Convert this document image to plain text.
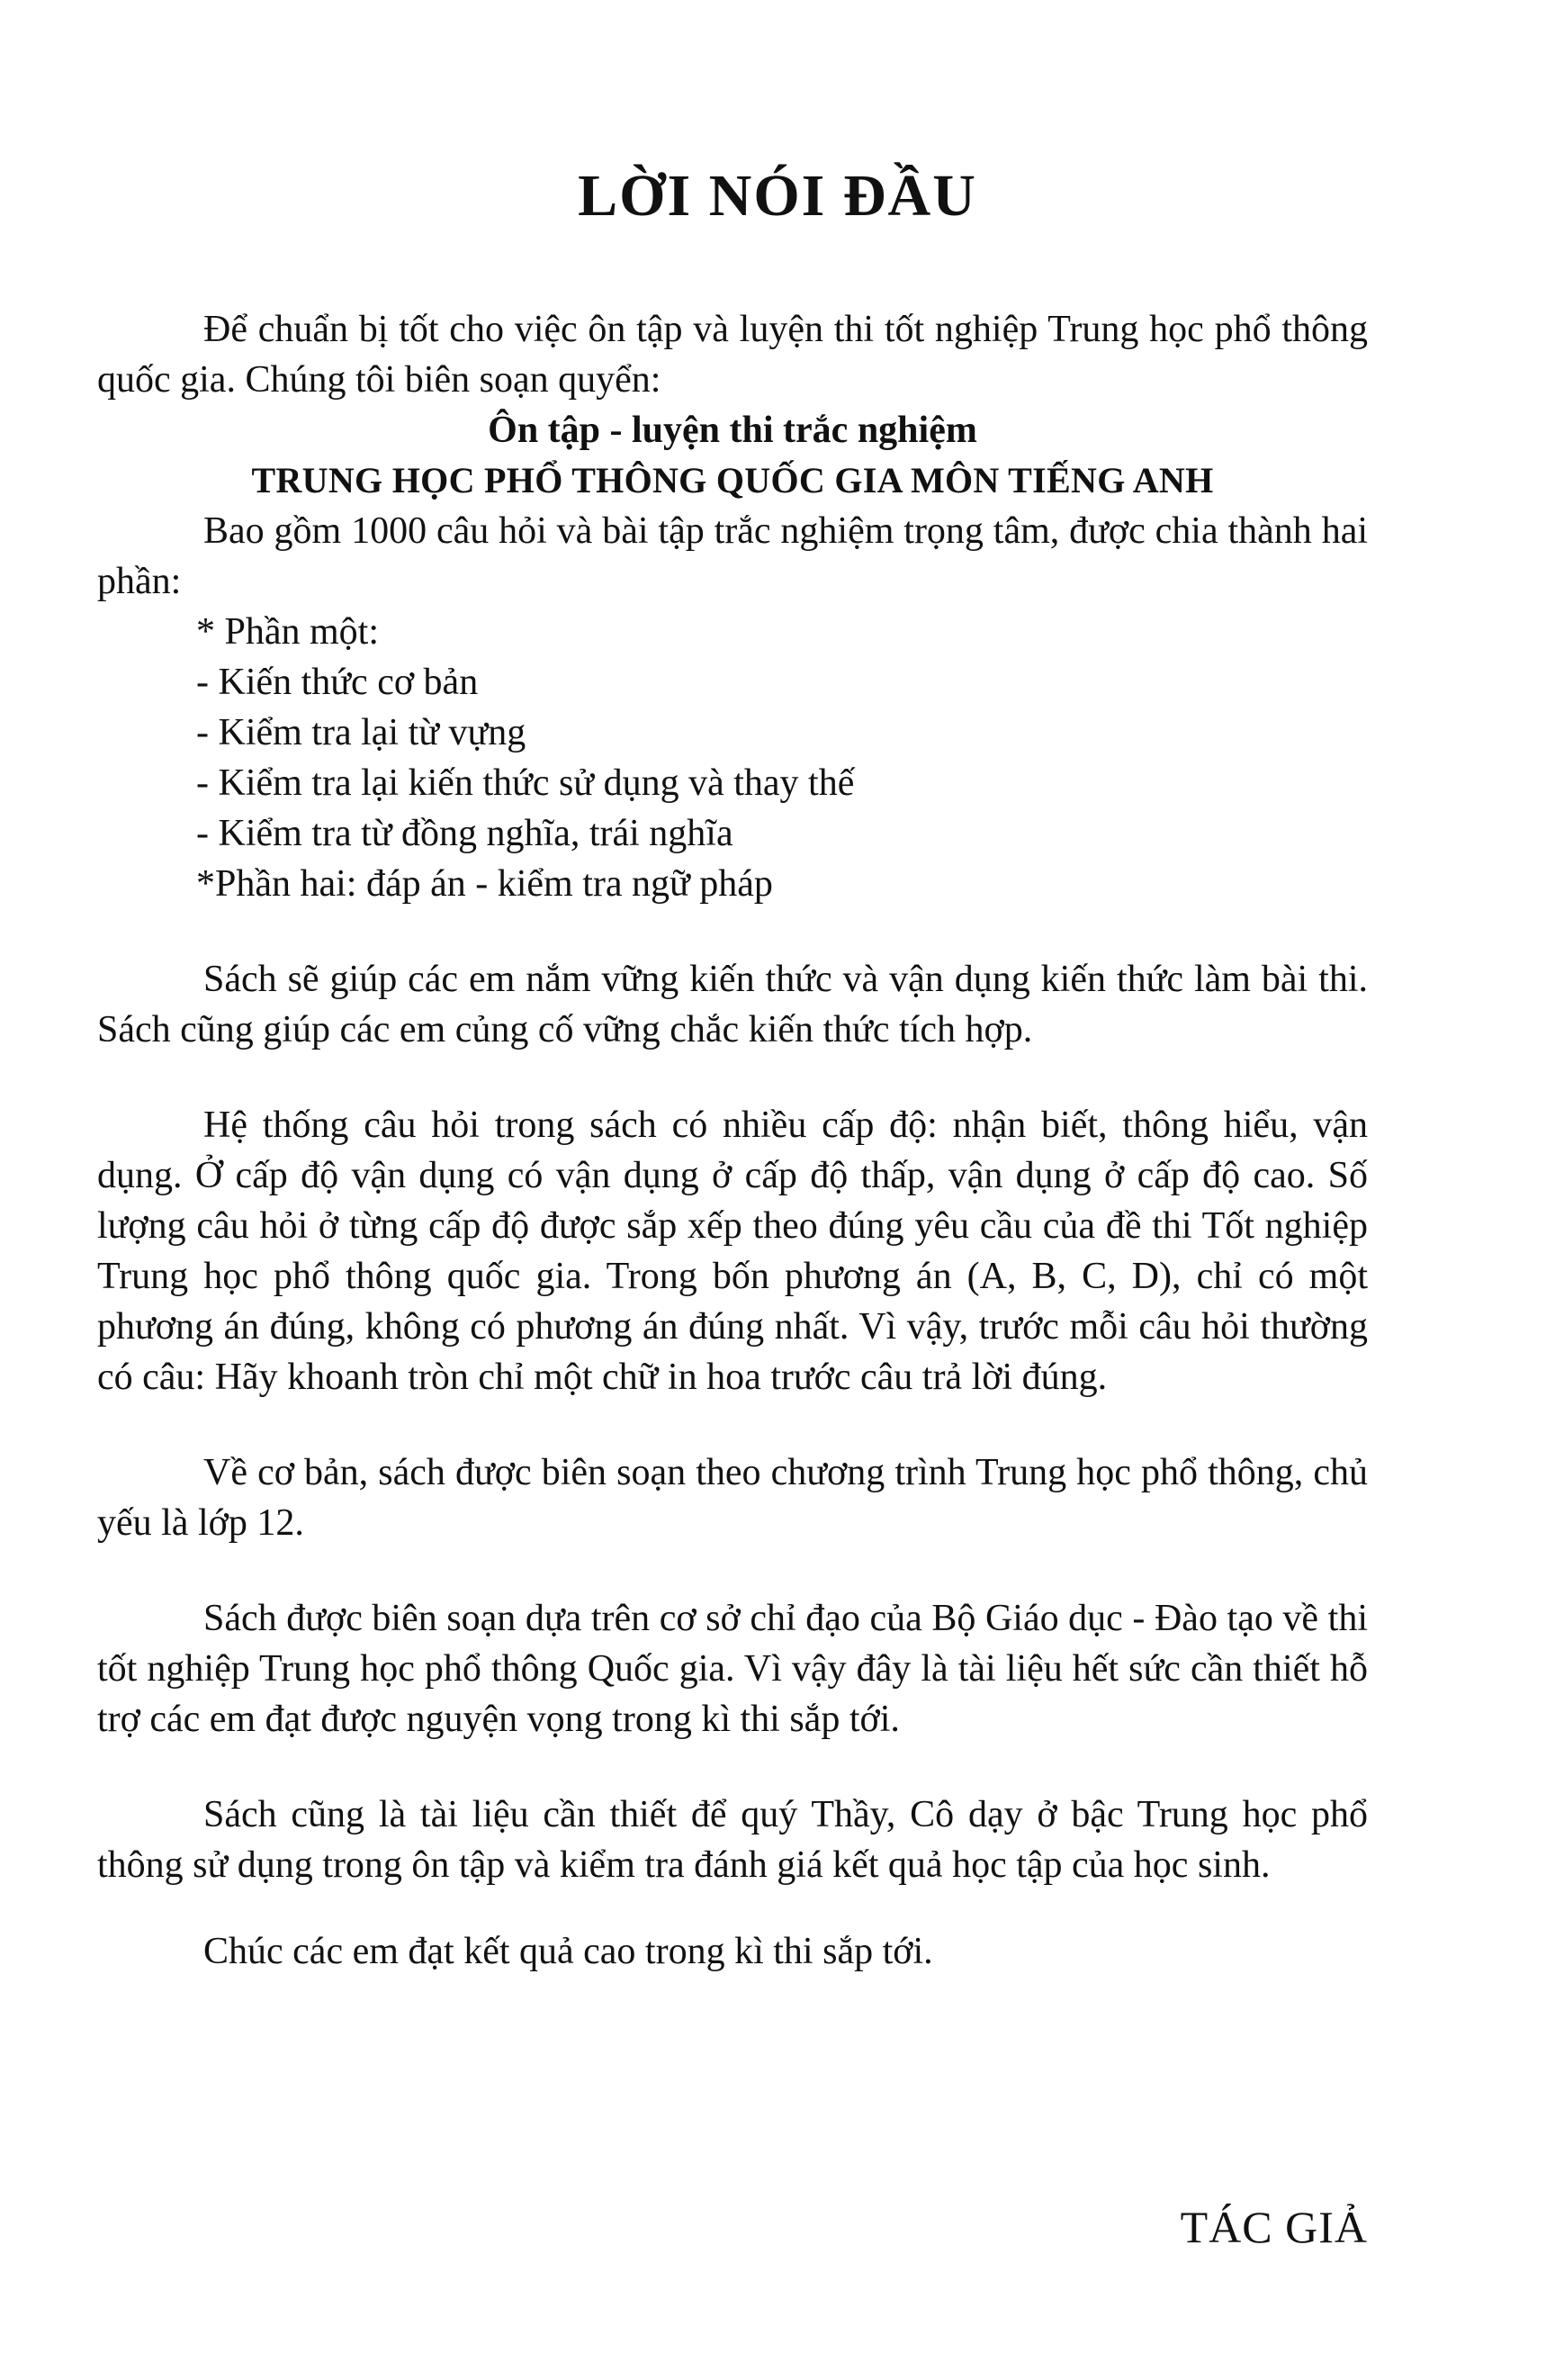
LỜI NÓI ĐẦU

Để chuẩn bị tốt cho việc ôn tập và luyện thi tốt nghiệp Trung học phổ thông quốc gia. Chúng tôi biên soạn quyển:

Ôn tập - luyện thi trắc nghiệm

TRUNG HỌC PHỔ THÔNG QUỐC GIA MÔN TIẾNG ANH

Bao gồm 1000 câu hỏi và bài tập trắc nghiệm trọng tâm, được chia thành hai phần:

* Phần một:
- Kiến thức cơ bản
- Kiểm tra lại từ vựng
- Kiểm tra lại kiến thức sử dụng và thay thế
- Kiểm tra từ đồng nghĩa, trái nghĩa
*Phần hai: đáp án - kiểm tra ngữ pháp

Sách sẽ giúp các em nắm vững kiến thức và vận dụng kiến thức làm bài thi. Sách cũng giúp các em củng cố vững chắc kiến thức tích hợp.

Hệ thống câu hỏi trong sách có nhiều cấp độ: nhận biết, thông hiểu, vận dụng. Ở cấp độ vận dụng có vận dụng ở cấp độ thấp, vận dụng ở cấp độ cao. Số lượng câu hỏi ở từng cấp độ được sắp xếp theo đúng yêu cầu của đề thi Tốt nghiệp Trung học phổ thông quốc gia. Trong bốn phương án (A, B, C, D), chỉ có một phương án đúng, không có phương án đúng nhất. Vì vậy, trước mỗi câu hỏi thường có câu: Hãy khoanh tròn chỉ một chữ in hoa trước câu trả lời đúng.

Về cơ bản, sách được biên soạn theo chương trình Trung học phổ thông, chủ yếu là lớp 12.

Sách được biên soạn dựa trên cơ sở chỉ đạo của Bộ Giáo dục - Đào tạo về thi tốt nghiệp Trung học phổ thông Quốc gia. Vì vậy đây là tài liệu hết sức cần thiết hỗ trợ các em đạt được nguyện vọng trong kì thi sắp tới.

Sách cũng là tài liệu cần thiết để quý Thầy, Cô dạy ở bậc Trung học phổ thông sử dụng trong ôn tập và kiểm tra đánh giá kết quả học tập của học sinh.

Chúc các em đạt kết quả cao trong kì thi sắp tới.

TÁC GIẢ
